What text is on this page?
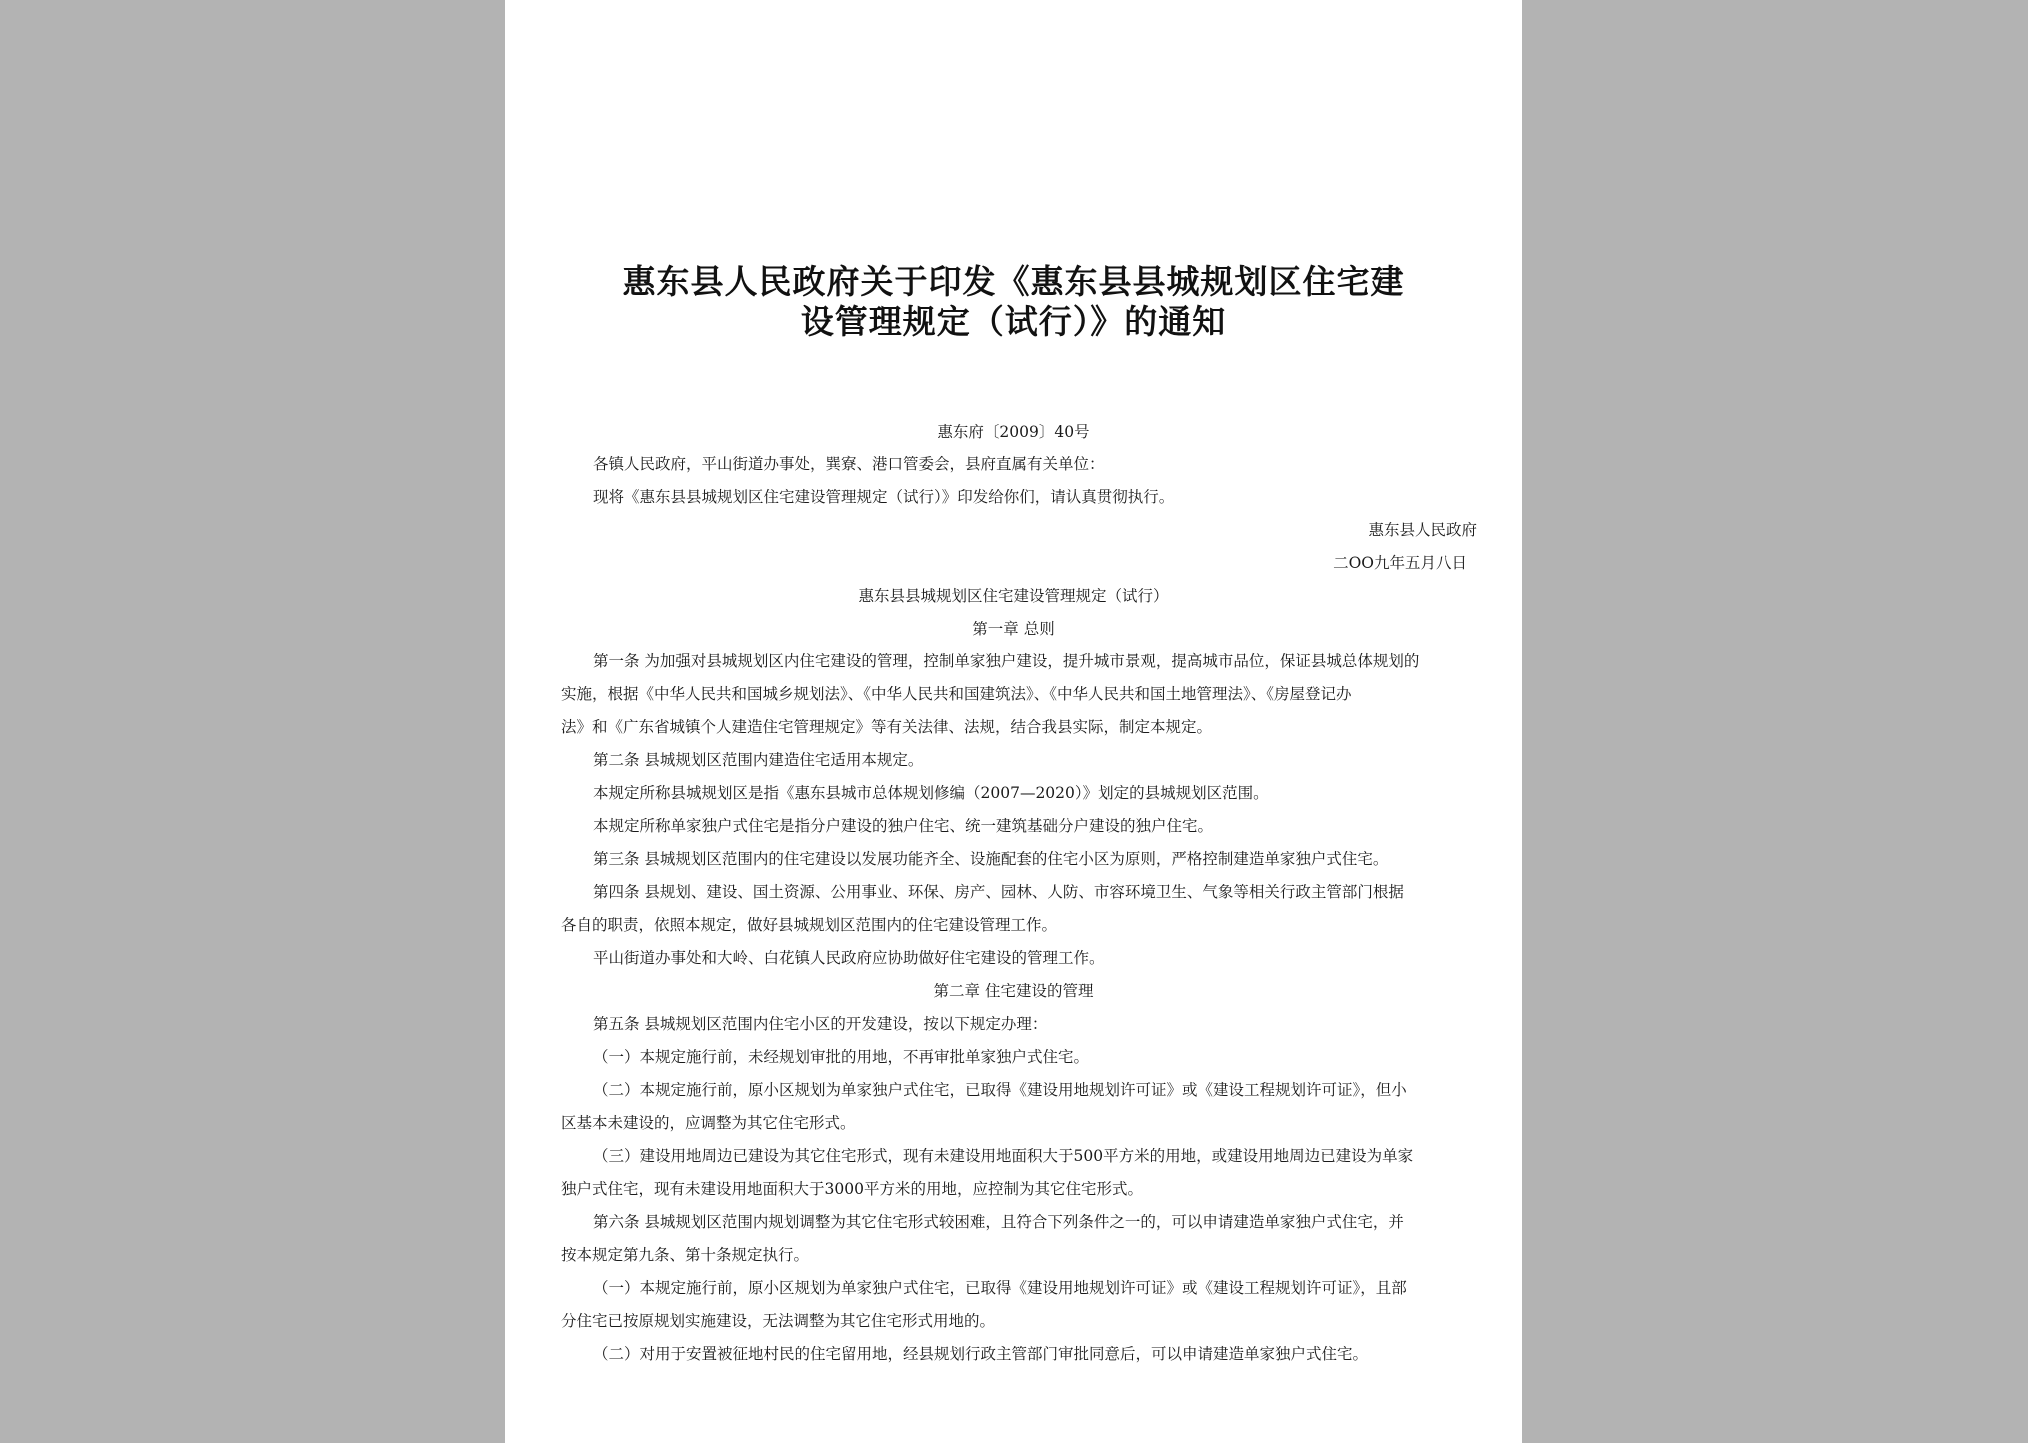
惠东县人民政府关于印发《惠东县县城规划区住宅建
设管理规定（试行）》的通知
惠东府〔2009〕40号
各镇人民政府，平山街道办事处，巽寮、港口管委会，县府直属有关单位：
现将《惠东县县城规划区住宅建设管理规定（试行）》印发给你们，请认真贯彻执行。
惠东县人民政府
二OO九年五月八日
惠东县县城规划区住宅建设管理规定（试行）
第一章 总则
第一条 为加强对县城规划区内住宅建设的管理，控制单家独户建设，提升城市景观，提高城市品位，保证县城总体规划的
实施，根据《中华人民共和国城乡规划法》、《中华人民共和国建筑法》、《中华人民共和国土地管理法》、《房屋登记办
法》和《广东省城镇个人建造住宅管理规定》等有关法律、法规，结合我县实际，制定本规定。
第二条 县城规划区范围内建造住宅适用本规定。
本规定所称县城规划区是指《惠东县城市总体规划修编（2007—2020）》划定的县城规划区范围。
本规定所称单家独户式住宅是指分户建设的独户住宅、统一建筑基础分户建设的独户住宅。
第三条 县城规划区范围内的住宅建设以发展功能齐全、设施配套的住宅小区为原则，严格控制建造单家独户式住宅。
第四条 县规划、建设、国土资源、公用事业、环保、房产、园林、人防、市容环境卫生、气象等相关行政主管部门根据
各自的职责，依照本规定，做好县城规划区范围内的住宅建设管理工作。
平山街道办事处和大岭、白花镇人民政府应协助做好住宅建设的管理工作。
第二章 住宅建设的管理
第五条 县城规划区范围内住宅小区的开发建设，按以下规定办理：
（一）本规定施行前，未经规划审批的用地，不再审批单家独户式住宅。
（二）本规定施行前，原小区规划为单家独户式住宅，已取得《建设用地规划许可证》或《建设工程规划许可证》，但小
区基本未建设的，应调整为其它住宅形式。
（三）建设用地周边已建设为其它住宅形式，现有未建设用地面积大于500平方米的用地，或建设用地周边已建设为单家
独户式住宅，现有未建设用地面积大于3000平方米的用地，应控制为其它住宅形式。
第六条 县城规划区范围内规划调整为其它住宅形式较困难，且符合下列条件之一的，可以申请建造单家独户式住宅，并
按本规定第九条、第十条规定执行。
（一）本规定施行前，原小区规划为单家独户式住宅，已取得《建设用地规划许可证》或《建设工程规划许可证》，且部
分住宅已按原规划实施建设，无法调整为其它住宅形式用地的。
（二）对用于安置被征地村民的住宅留用地，经县规划行政主管部门审批同意后，可以申请建造单家独户式住宅。
